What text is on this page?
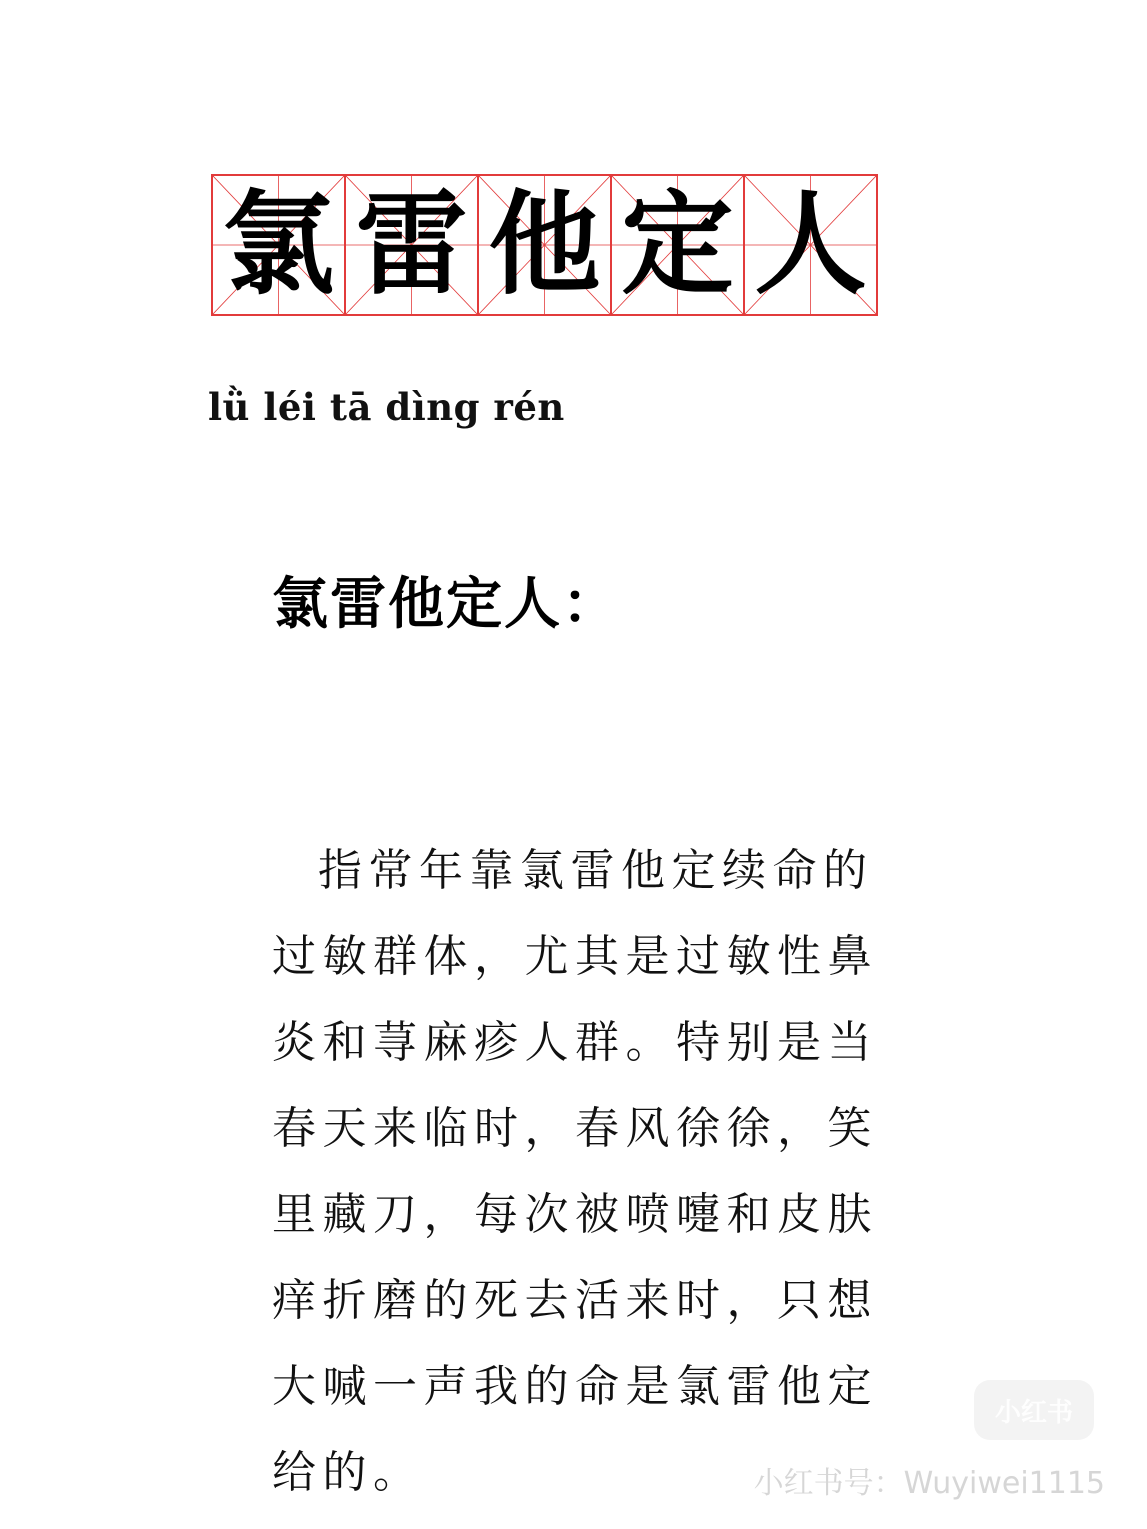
氯 雷 他 定 人
lǜ léi tā dìng rén
氯雷他定人：

指常年靠氯雷他定续命的过敏群体，尤其是过敏性鼻炎和荨麻疹人群。特别是当春天来临时，春风徐徐，笑里藏刀，每次被喷嚏和皮肤痒折磨的死去活来时，只想大喊一声我的命是氯雷他定给的。

小红书
小红书号：Wuyiwei1115
